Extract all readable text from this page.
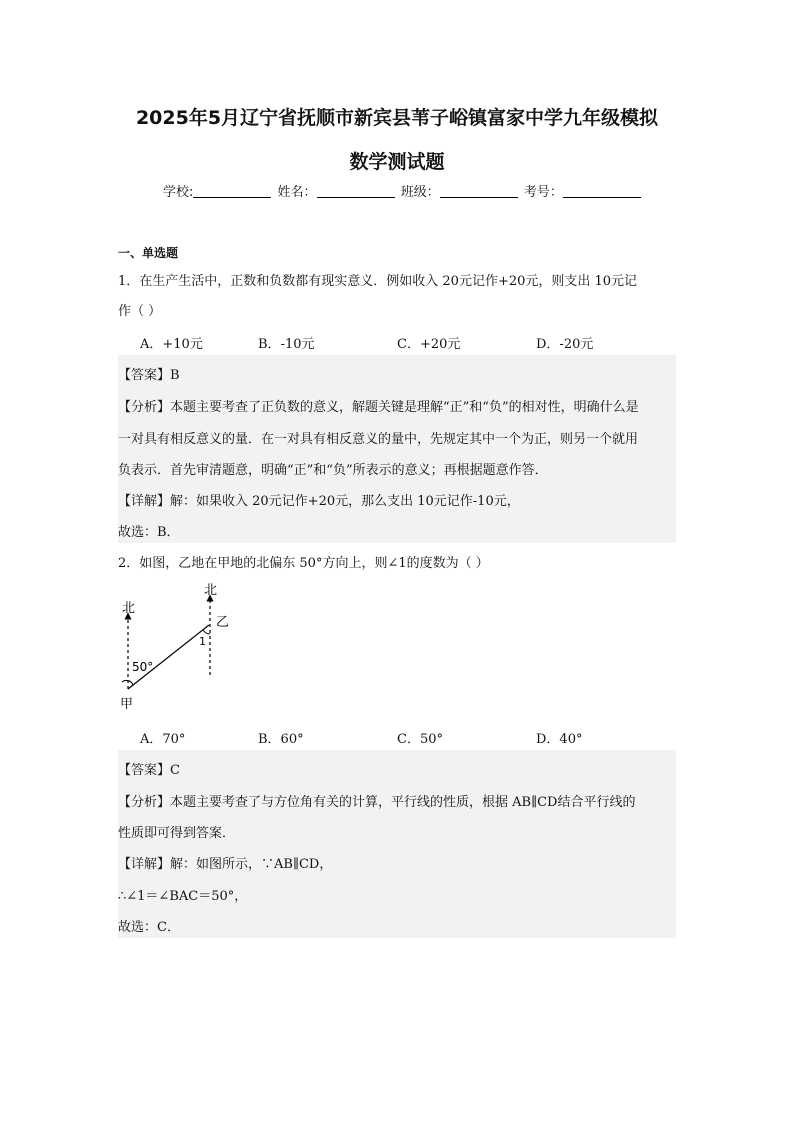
2025年5月辽宁省抚顺市新宾县苇子峪镇富家中学九年级模拟
数学测试题
学校:	姓名：	班级：	考号：
一、单选题
1．在生产生活中，正数和负数都有现实意义．例如收入 20元记作+20元，则支出 10元记
作（ ）
A．+10元	B．-10元	C．+20元	D．-20元
【答案】B
【分析】本题主要考查了正负数的意义，解题关键是理解“正”和“负”的相对性，明确什么是
一对具有相反意义的量．在一对具有相反意义的量中，先规定其中一个为正，则另一个就用
负表示．首先审清题意，明确“正”和“负”所表示的意义；再根据题意作答．
【详解】解：如果收入 20元记作+20元，那么支出 10元记作-10元，
故选：B．
2．如图，乙地在甲地的北偏东 50°方向上，则∠1的度数为（ ）
北
北
乙
甲
50°
1
A．70°	B．60°	C．50°	D．40°
【答案】C
【分析】本题主要考查了与方位角有关的计算，平行线的性质，根据 AB∥CD结合平行线的
性质即可得到答案．
【详解】解：如图所示，∵AB∥CD，
∴∠1＝∠BAC＝50°，
故选：C．
